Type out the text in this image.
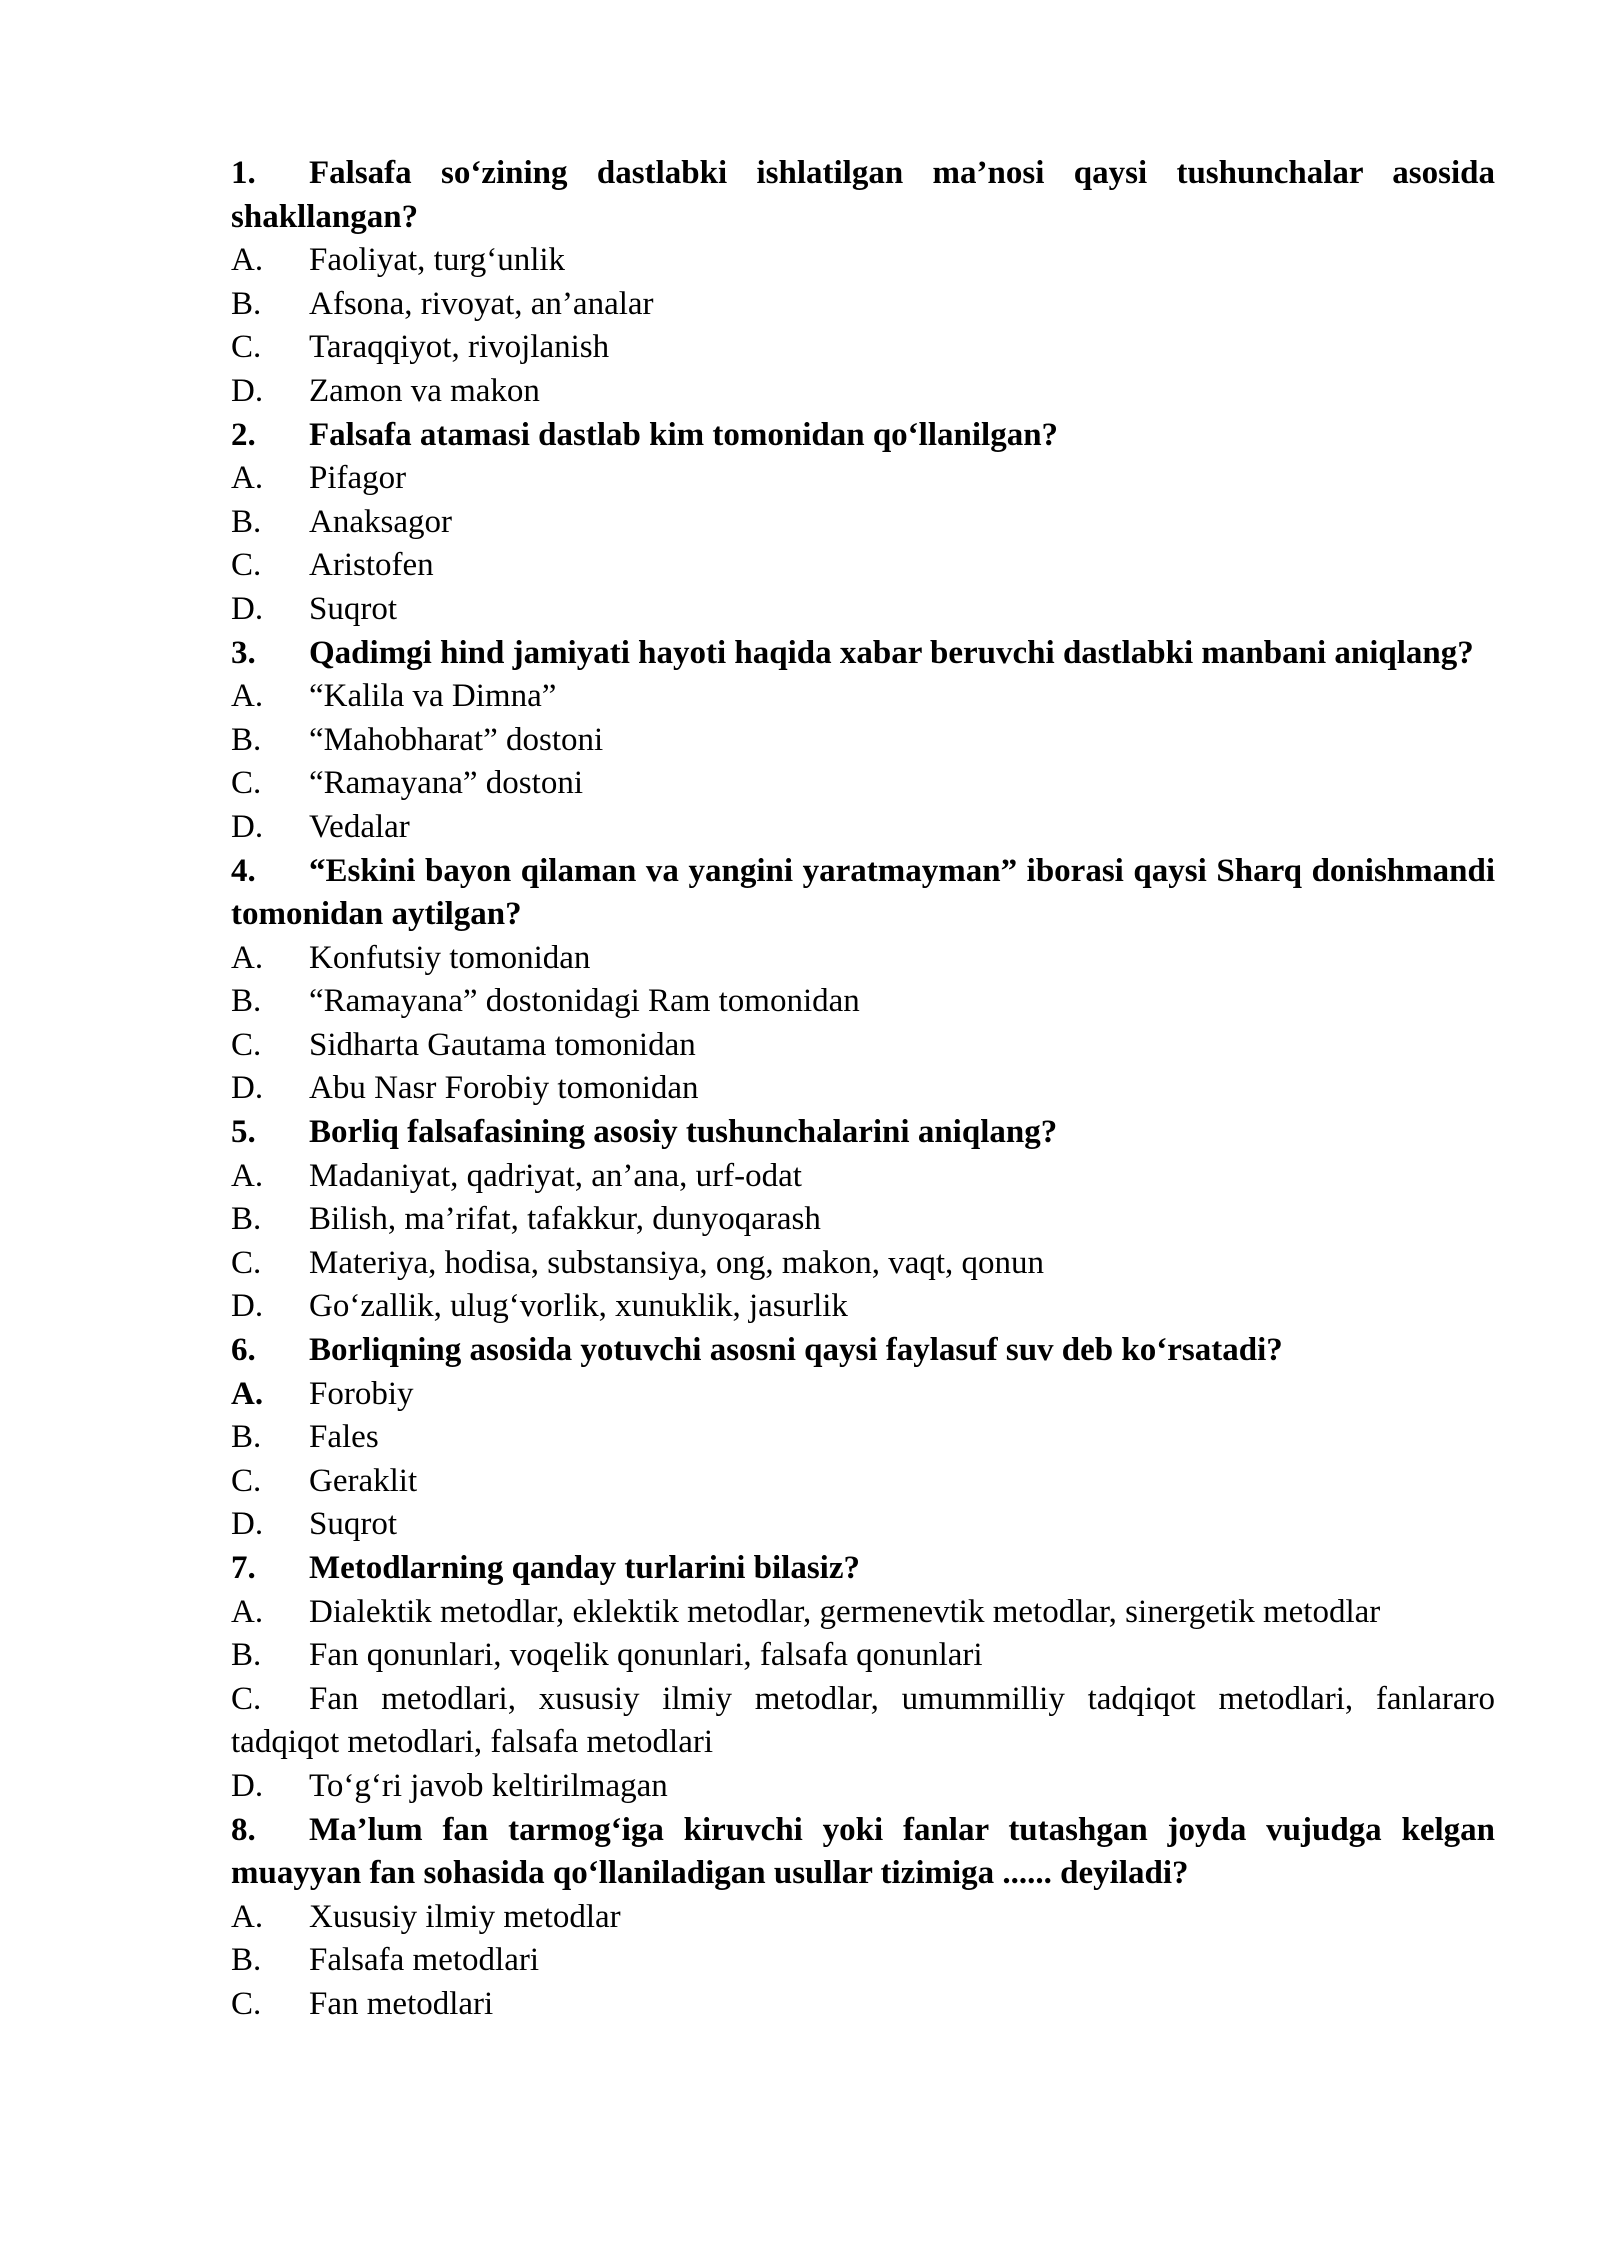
1. Falsafa so‘zining dastlabki ishlatilgan ma’nosi qaysi tushunchalar asosida shakllangan?

A. Faoliyat, turg‘unlik

B. Afsona, rivoyat, an’analar

C. Taraqqiyot, rivojlanish

D. Zamon va makon

2. Falsafa atamasi dastlab kim tomonidan qo‘llanilgan?

A. Pifagor

B. Anaksagor

C. Aristofen

D. Suqrot

3. Qadimgi hind jamiyati hayoti haqida xabar beruvchi dastlabki manbani aniqlang?

A. “Kalila va Dimna”

B. “Mahobharat” dostoni

C. “Ramayana” dostoni

D. Vedalar

4. “Eskini bayon qilaman va yangini yaratmayman” iborasi qaysi Sharq donishmandi tomonidan aytilgan?

A. Konfutsiy tomonidan

B. “Ramayana” dostonidagi Ram tomonidan

C. Sidharta Gautama tomonidan

D. Abu Nasr Forobiy tomonidan

5. Borliq falsafasining asosiy tushunchalarini aniqlang?

A. Madaniyat, qadriyat, an’ana, urf-odat

B. Bilish, ma’rifat, tafakkur, dunyoqarash

C. Materiya, hodisa, substansiya, ong, makon, vaqt, qonun

D. Go‘zallik, ulug‘vorlik, xunuklik, jasurlik

6. Borliqning asosida yotuvchi asosni qaysi faylasuf suv deb ko‘rsatadi?

A. Forobiy

B. Fales

C. Geraklit

D. Suqrot

7. Metodlarning qanday turlarini bilasiz?

A. Dialektik metodlar, eklektik metodlar, germenevtik metodlar, sinergetik metodlar

B. Fan qonunlari, voqelik qonunlari, falsafa qonunlari

C. Fan metodlari, xususiy ilmiy metodlar, umummilliy tadqiqot metodlari, fanlararo tadqiqot metodlari, falsafa metodlari

D. To‘g‘ri javob keltirilmagan

8. Ma’lum fan tarmog‘iga kiruvchi yoki fanlar tutashgan joyda vujudga kelgan muayyan fan sohasida qo‘llaniladigan usullar tizimiga ...... deyiladi?

A. Xususiy ilmiy metodlar

B. Falsafa metodlari

C. Fan metodlari
